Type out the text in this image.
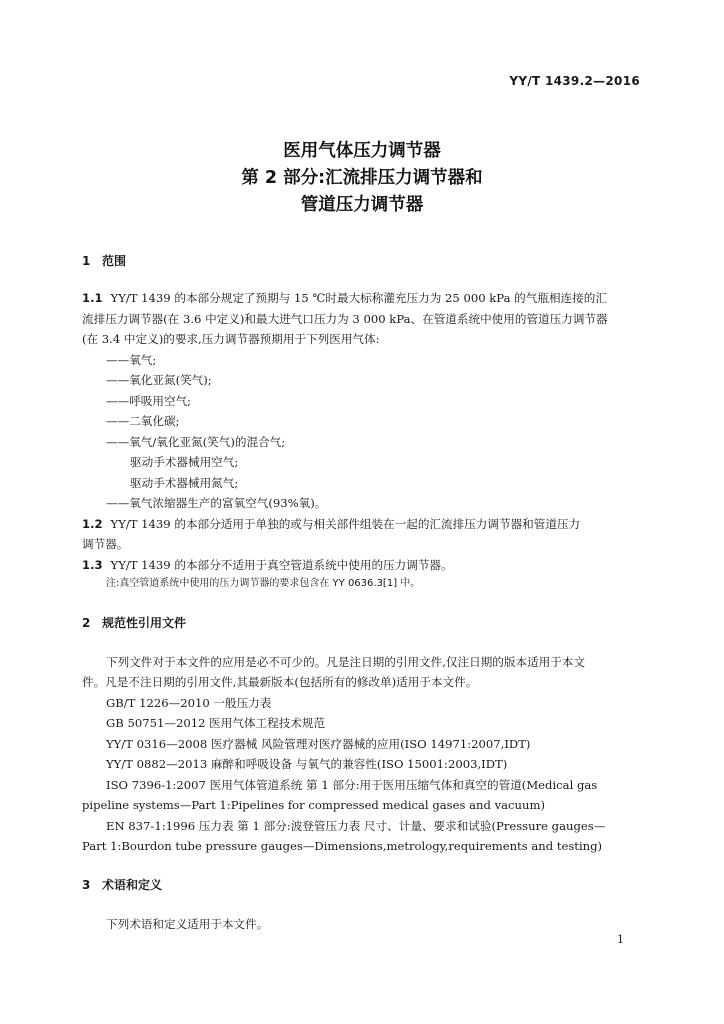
YY/T 1439.2—2016
医用气体压力调节器
第 2 部分:汇流排压力调节器和
管道压力调节器
1 范围
1.1 YY/T 1439 的本部分规定了预期与 15 ℃时最大标称灌充压力为 25 000 kPa 的气瓶相连接的汇
流排压力调节器(在 3.6 中定义)和最大进气口压力为 3 000 kPa、在管道系统中使用的管道压力调节器
(在 3.4 中定义)的要求,压力调节器预期用于下列医用气体:
——氧气;
——氧化亚氮(笑气);
——呼吸用空气;
——二氧化碳;
——氧气/氧化亚氮(笑气)的混合气;
驱动手术器械用空气;
驱动手术器械用氮气;
——氧气浓缩器生产的富氧空气(93%氧)。
1.2 YY/T 1439 的本部分适用于单独的或与相关部件组装在一起的汇流排压力调节器和管道压力
调节器。
1.3 YY/T 1439 的本部分不适用于真空管道系统中使用的压力调节器。
注:真空管道系统中使用的压力调节器的要求包含在 YY 0636.3[1] 中。
2 规范性引用文件
下列文件对于本文件的应用是必不可少的。凡是注日期的引用文件,仅注日期的版本适用于本文
件。凡是不注日期的引用文件,其最新版本(包括所有的修改单)适用于本文件。
GB/T 1226—2010 一般压力表
GB 50751—2012 医用气体工程技术规范
YY/T 0316—2008 医疗器械 风险管理对医疗器械的应用(ISO 14971:2007,IDT)
YY/T 0882—2013 麻醉和呼吸设备 与氧气的兼容性(ISO 15001:2003,IDT)
ISO 7396-1:2007 医用气体管道系统 第 1 部分:用于医用压缩气体和真空的管道(Medical gas
pipeline systems—Part 1:Pipelines for compressed medical gases and vacuum)
EN 837-1:1996 压力表 第 1 部分:波登管压力表 尺寸、计量、要求和试验(Pressure gauges—
Part 1:Bourdon tube pressure gauges—Dimensions,metrology,requirements and testing)
3 术语和定义
下列术语和定义适用于本文件。
1
